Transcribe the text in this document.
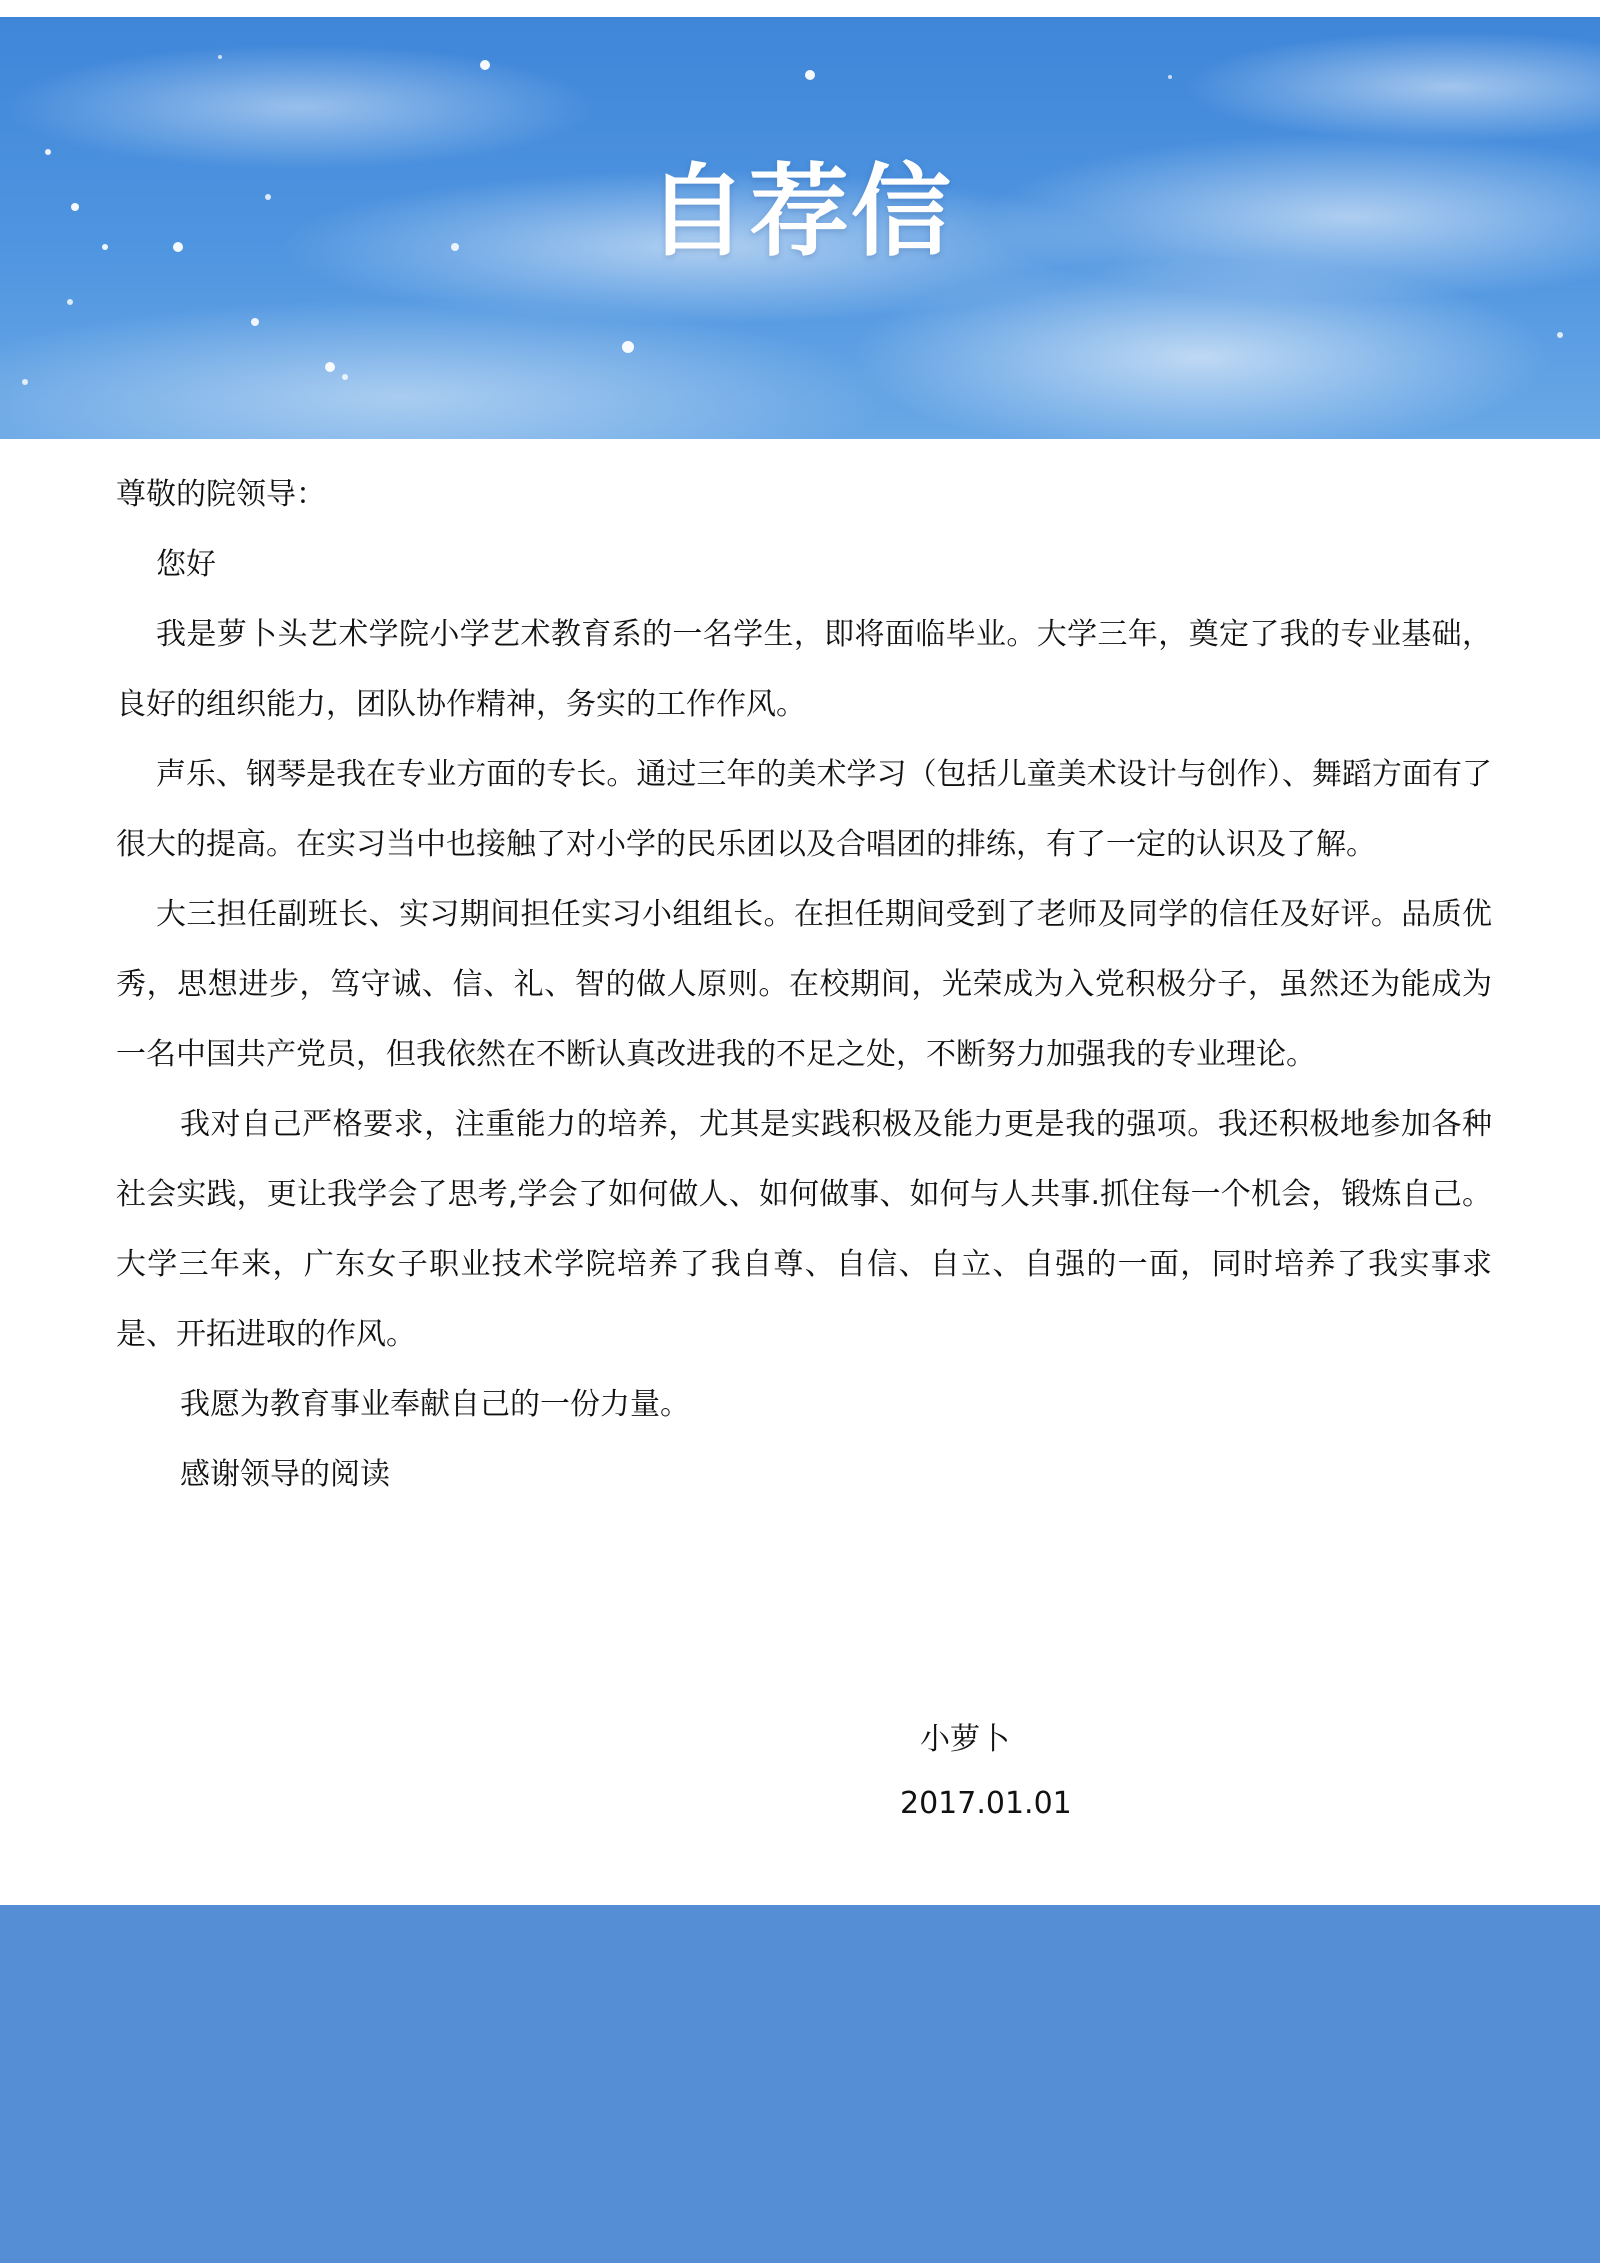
自荐信

尊敬的院领导：

您好

我是萝卜头艺术学院小学艺术教育系的一名学生，即将面临毕业。大学三年，奠定了我的专业基础，良好的组织能力，团队协作精神，务实的工作作风。

声乐、钢琴是我在专业方面的专长。通过三年的美术学习（包括儿童美术设计与创作）、舞蹈方面有了很大的提高。在实习当中也接触了对小学的民乐团以及合唱团的排练，有了一定的认识及了解。

大三担任副班长、实习期间担任实习小组组长。在担任期间受到了老师及同学的信任及好评。品质优秀，思想进步，笃守诚、信、礼、智的做人原则。在校期间，光荣成为入党积极分子，虽然还为能成为一名中国共产党员，但我依然在不断认真改进我的不足之处，不断努力加强我的专业理论。

我对自己严格要求，注重能力的培养，尤其是实践积极及能力更是我的强项。我还积极地参加各种社会实践，更让我学会了思考,学会了如何做人、如何做事、如何与人共事.抓住每一个机会，锻炼自己。大学三年来，广东女子职业技术学院培养了我自尊、自信、自立、自强的一面，同时培养了我实事求是、开拓进取的作风。

我愿为教育事业奉献自己的一份力量。

感谢领导的阅读

小萝卜
2017.01.01
